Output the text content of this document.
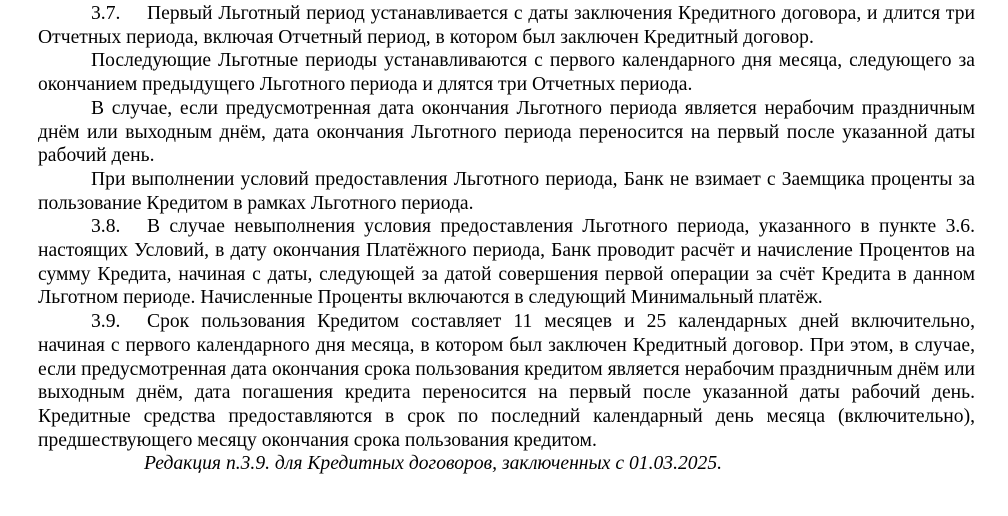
3.7. Первый Льготный период устанавливается с даты заключения Кредитного договора, и длится три Отчетных периода, включая Отчетный период, в котором был заключен Кредитный договор.

Последующие Льготные периоды устанавливаются с первого календарного дня месяца, следующего за окончанием предыдущего Льготного периода и длятся три Отчетных периода.

В случае, если предусмотренная дата окончания Льготного периода является нерабочим праздничным днём или выходным днём, дата окончания Льготного периода переносится на первый после указанной даты рабочий день.

При выполнении условий предоставления Льготного периода, Банк не взимает с Заемщика проценты за пользование Кредитом в рамках Льготного периода.

3.8. В случае невыполнения условия предоставления Льготного периода, указанного в пункте 3.6. настоящих Условий, в дату окончания Платёжного периода, Банк проводит расчёт и начисление Процентов на сумму Кредита, начиная с даты, следующей за датой совершения первой операции за счёт Кредита в данном Льготном периоде. Начисленные Проценты включаются в следующий Минимальный платёж.

3.9. Срок пользования Кредитом составляет 11 месяцев и 25 календарных дней включительно, начиная с первого календарного дня месяца, в котором был заключен Кредитный договор. При этом, в случае, если предусмотренная дата окончания срока пользования кредитом является нерабочим праздничным днём или выходным днём, дата погашения кредита переносится на первый после указанной даты рабочий день. Кредитные средства предоставляются в срок по последний календарный день месяца (включительно), предшествующего месяцу окончания срока пользования кредитом.

Редакция п.3.9. для Кредитных договоров, заключенных с 01.03.2025.
